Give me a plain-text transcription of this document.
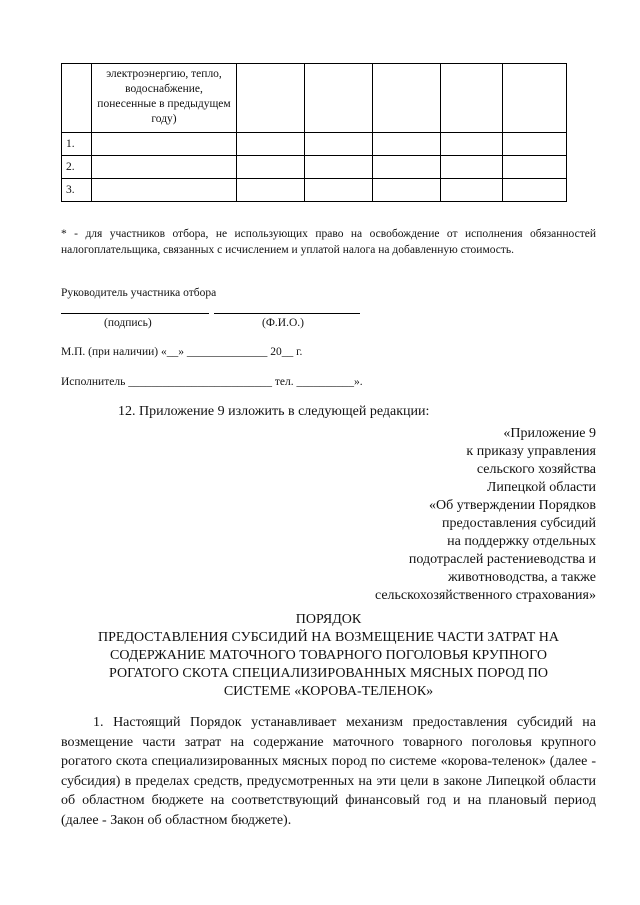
	электроэнергию, тепло, водоснабжение, понесенные в предыдущем году)					
1.						
2.						
3.						
* - для участников отбора, не использующих право на освобождение от исполнения обязанностей налогоплательщика, связанных с исчислением и уплатой налога на добавленную стоимость.
Руководитель участника отбора
(подпись)	(Ф.И.О.)
М.П. (при наличии) «__» ______________ 20__ г.
Исполнитель _________________________ тел. __________».
12. Приложение 9 изложить в следующей редакции:
«Приложение 9
к приказу управления
сельского хозяйства
Липецкой области
«Об утверждении Порядков
предоставления субсидий
на поддержку отдельных
подотраслей растениеводства и
животноводства, а также
сельскохозяйственного страхования»
ПОРЯДОК
ПРЕДОСТАВЛЕНИЯ СУБСИДИЙ НА ВОЗМЕЩЕНИЕ ЧАСТИ ЗАТРАТ НА
СОДЕРЖАНИЕ МАТОЧНОГО ТОВАРНОГО ПОГОЛОВЬЯ КРУПНОГО
РОГАТОГО СКОТА СПЕЦИАЛИЗИРОВАННЫХ МЯСНЫХ ПОРОД ПО
СИСТЕМЕ «КОРОВА-ТЕЛЕНОК»
1. Настоящий Порядок устанавливает механизм предоставления субсидий на возмещение части затрат на содержание маточного товарного поголовья крупного рогатого скота специализированных мясных пород по системе «корова-теленок» (далее - субсидия) в пределах средств, предусмотренных на эти цели в законе Липецкой области об областном бюджете на соответствующий финансовый год и на плановый период (далее - Закон об областном бюджете).
